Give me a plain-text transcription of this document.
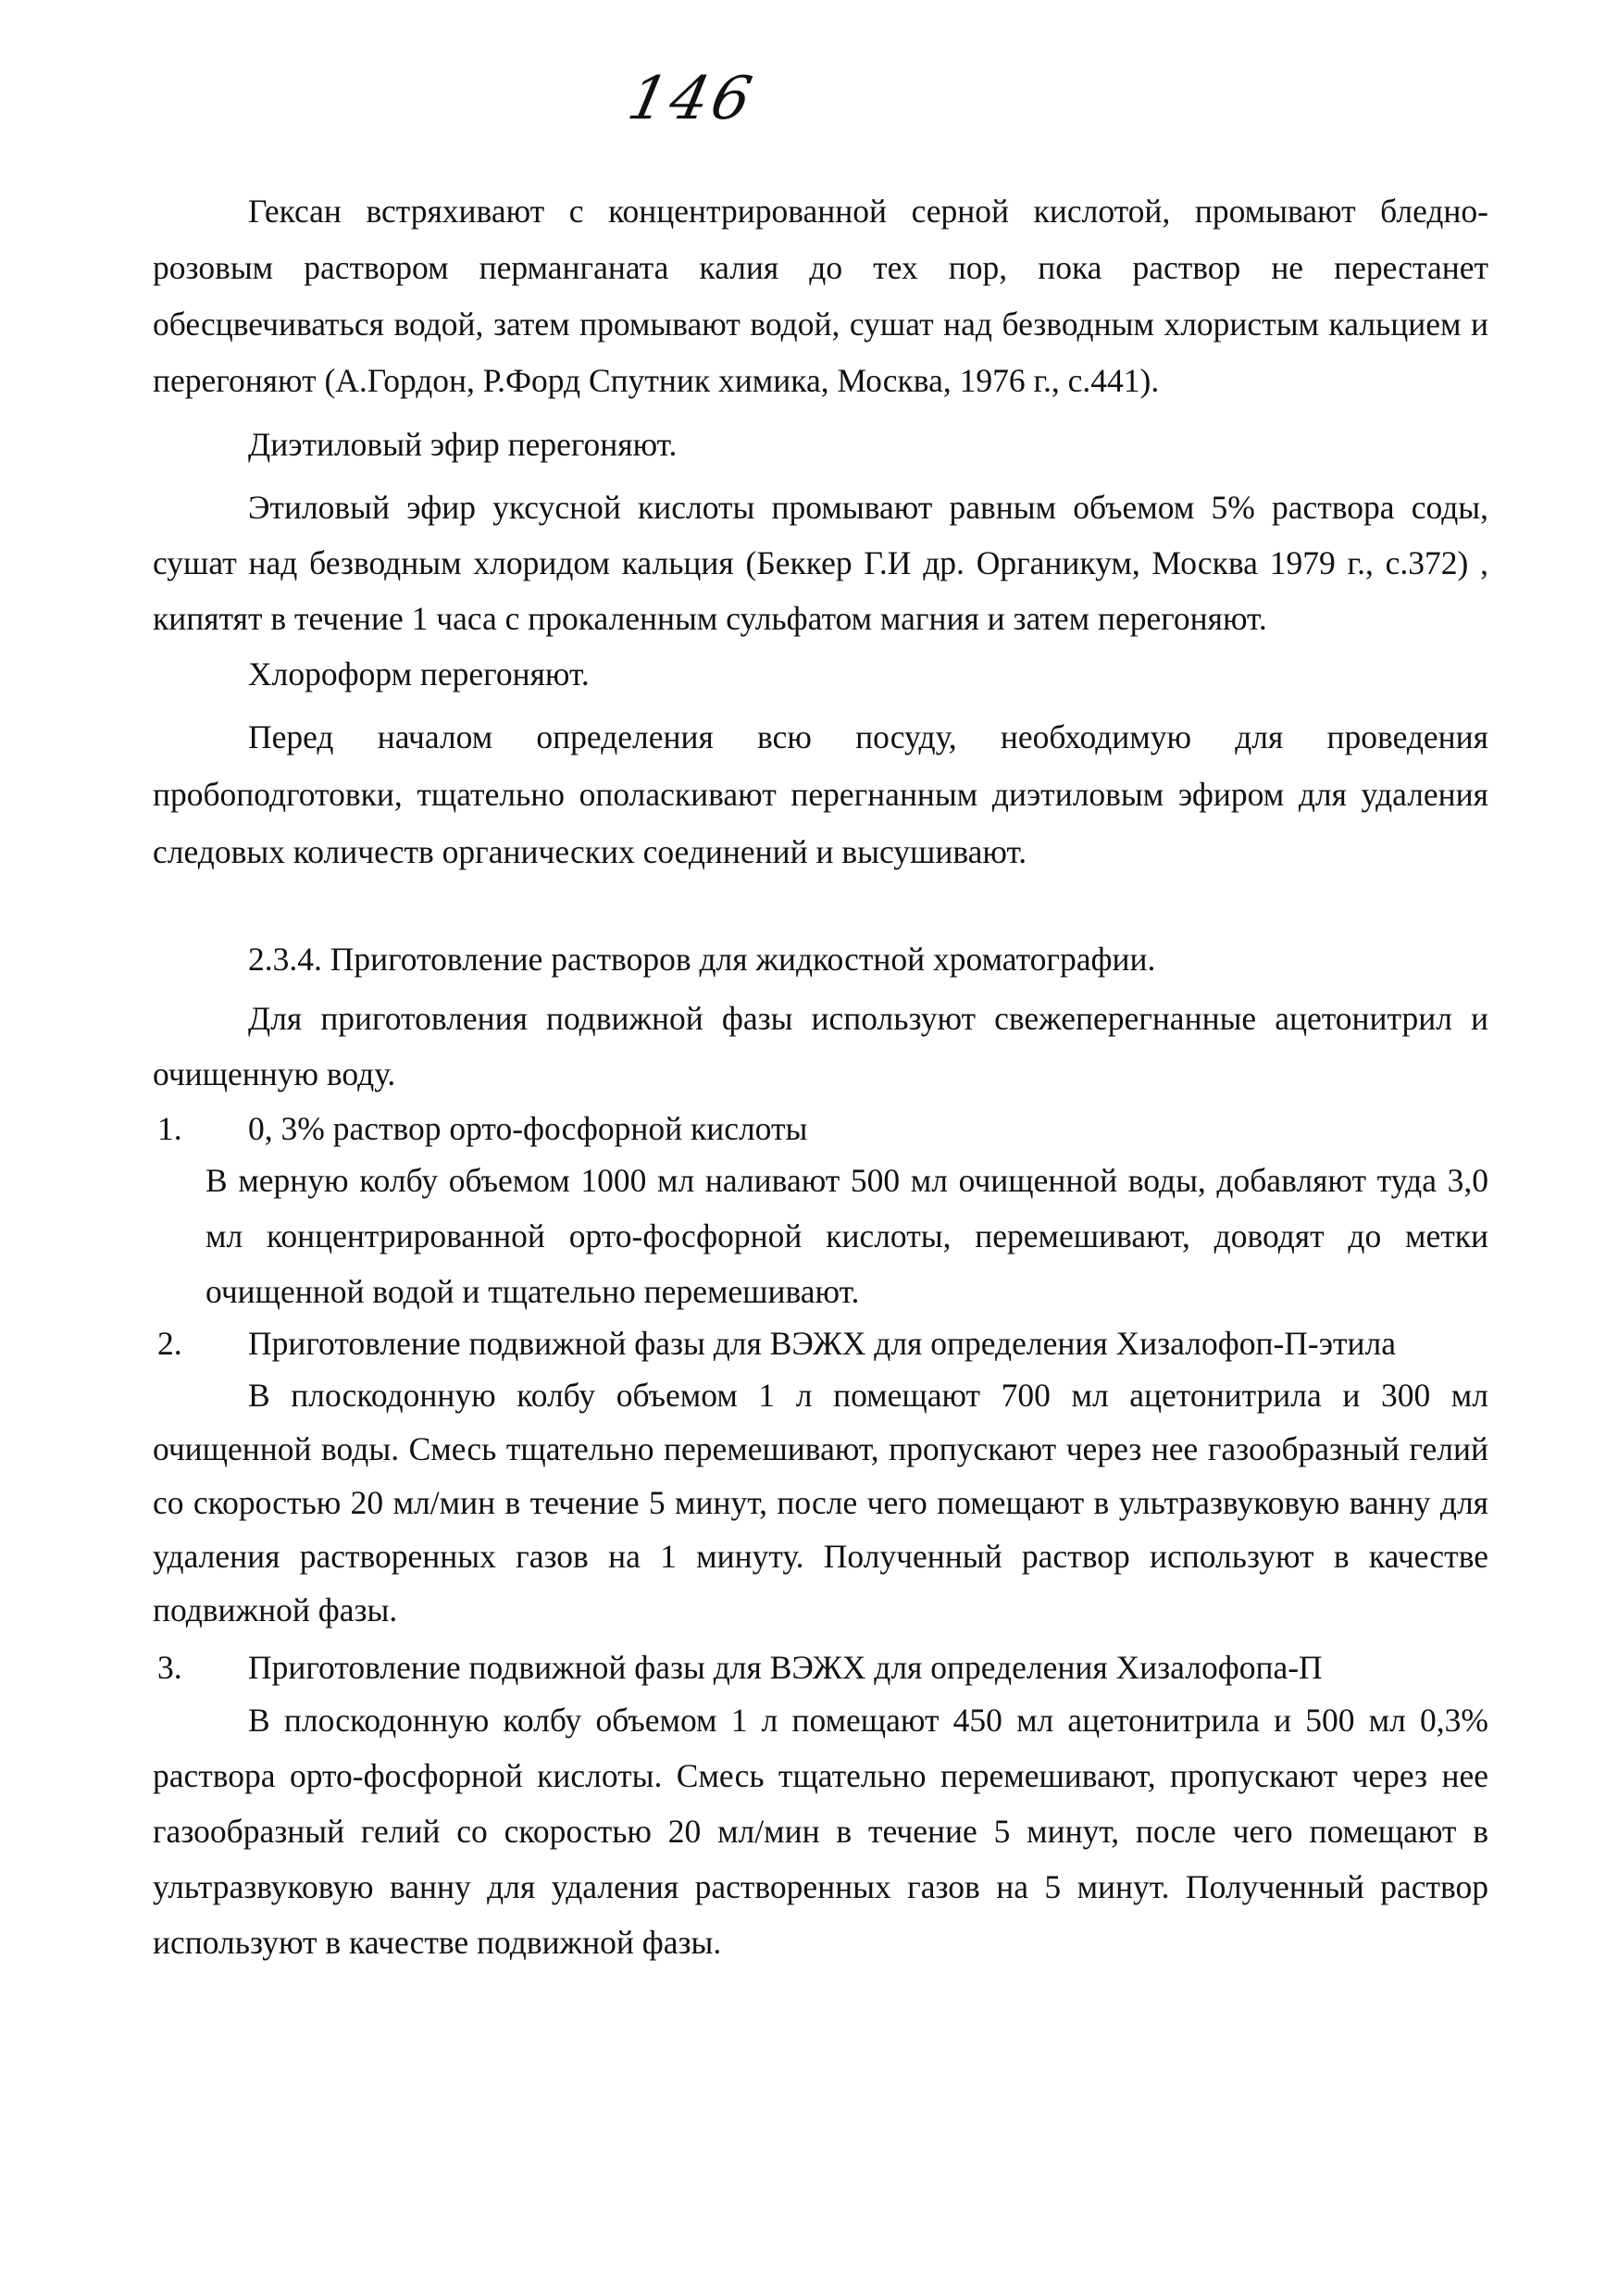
146

Гексан встряхивают с концентрированной серной кислотой, промывают бледно-розовым раствором перманганата калия до тех пор, пока раствор не перестанет обесцвечиваться водой, затем промывают водой, сушат над безводным хлористым кальцием и перегоняют (А.Гордон, Р.Форд Спутник химика, Москва, 1976 г., с.441).

Диэтиловый эфир перегоняют.

Этиловый эфир уксусной кислоты промывают равным объемом 5% раствора соды, сушат над безводным хлоридом кальция (Беккер Г.И др. Органикум, Москва 1979 г., с.372) , кипятят в течение 1 часа с прокаленным сульфатом магния и затем перегоняют.

Хлороформ перегоняют.

Перед началом определения всю посуду, необходимую для проведения пробоподготовки, тщательно ополаскивают перегнанным диэтиловым эфиром для удаления следовых количеств органических соединений и высушивают.

2.3.4. Приготовление растворов для жидкостной хроматографии.

Для приготовления подвижной фазы используют свежеперегнанные ацетонитрил и очищенную воду.

1. 0, 3% раствор орто-фосфорной кислоты

В мерную колбу объемом 1000 мл наливают 500 мл очищенной воды, добавляют туда 3,0 мл концентрированной орто-фосфорной кислоты, перемешивают, доводят до метки очищенной водой и тщательно перемешивают.

2. Приготовление подвижной фазы для ВЭЖХ для определения Хизалофоп-П-этила

В плоскодонную колбу объемом 1 л помещают 700 мл ацетонитрила и 300 мл очищенной воды. Смесь тщательно перемешивают, пропускают через нее газообразный гелий со скоростью 20 мл/мин в течение 5 минут, после чего помещают в ультразвуковую ванну для удаления растворенных газов на 1 минуту. Полученный раствор используют в качестве подвижной фазы.

3. Приготовление подвижной фазы для ВЭЖХ для определения Хизалофопа-П

В плоскодонную колбу объемом 1 л помещают 450 мл ацетонитрила и 500 мл 0,3% раствора орто-фосфорной кислоты. Смесь тщательно перемешивают, пропускают через нее газообразный гелий со скоростью 20 мл/мин в течение 5 минут, после чего помещают в ультразвуковую ванну для удаления растворенных газов на 5 минут. Полученный раствор используют в качестве подвижной фазы.
